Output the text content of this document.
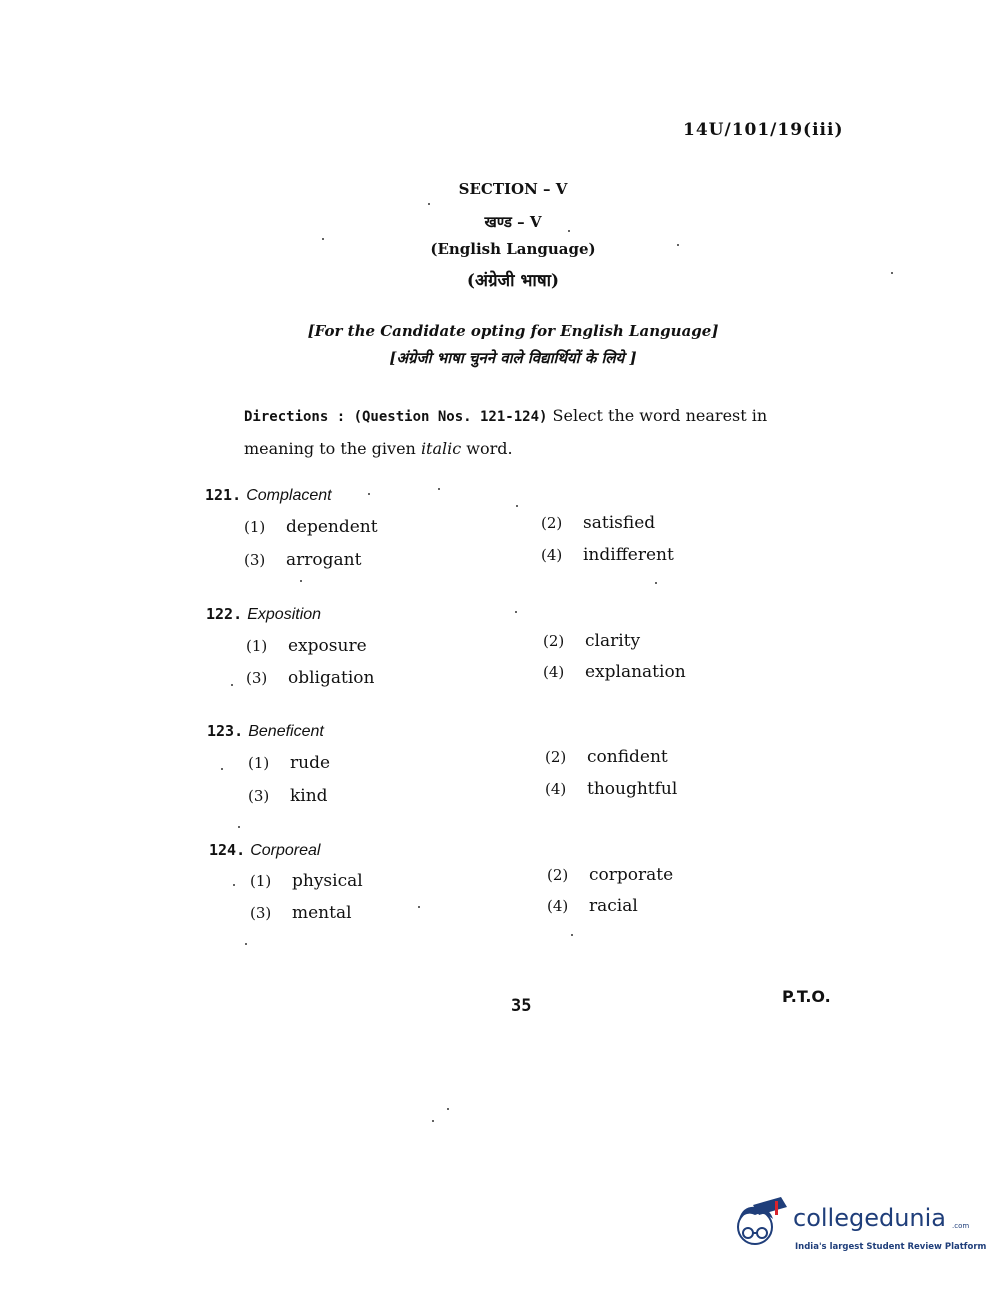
14U/101/19(iii)
SECTION – V
खण्ड – V
(English Language)
(अंग्रेजी भाषा)
[For the Candidate opting for English Language]
[अंग्रेजी भाषा चुनने वाले विद्यार्थियों के लिये ]
Directions : (Question Nos. 121-124) Select the word nearest in meaning to the given italic word.
121. Complacent
(1) dependent	(2) satisfied
(3) arrogant	(4) indifferent
122. Exposition
(1) exposure	(2) clarity
(3) obligation	(4) explanation
123. Beneficent
(1) rude	(2) confident
(3) kind	(4) thoughtful
124. Corporeal
(1) physical	(2) corporate
(3) mental	(4) racial
35	P.T.O.
collegedunia .com
India's largest Student Review Platform
